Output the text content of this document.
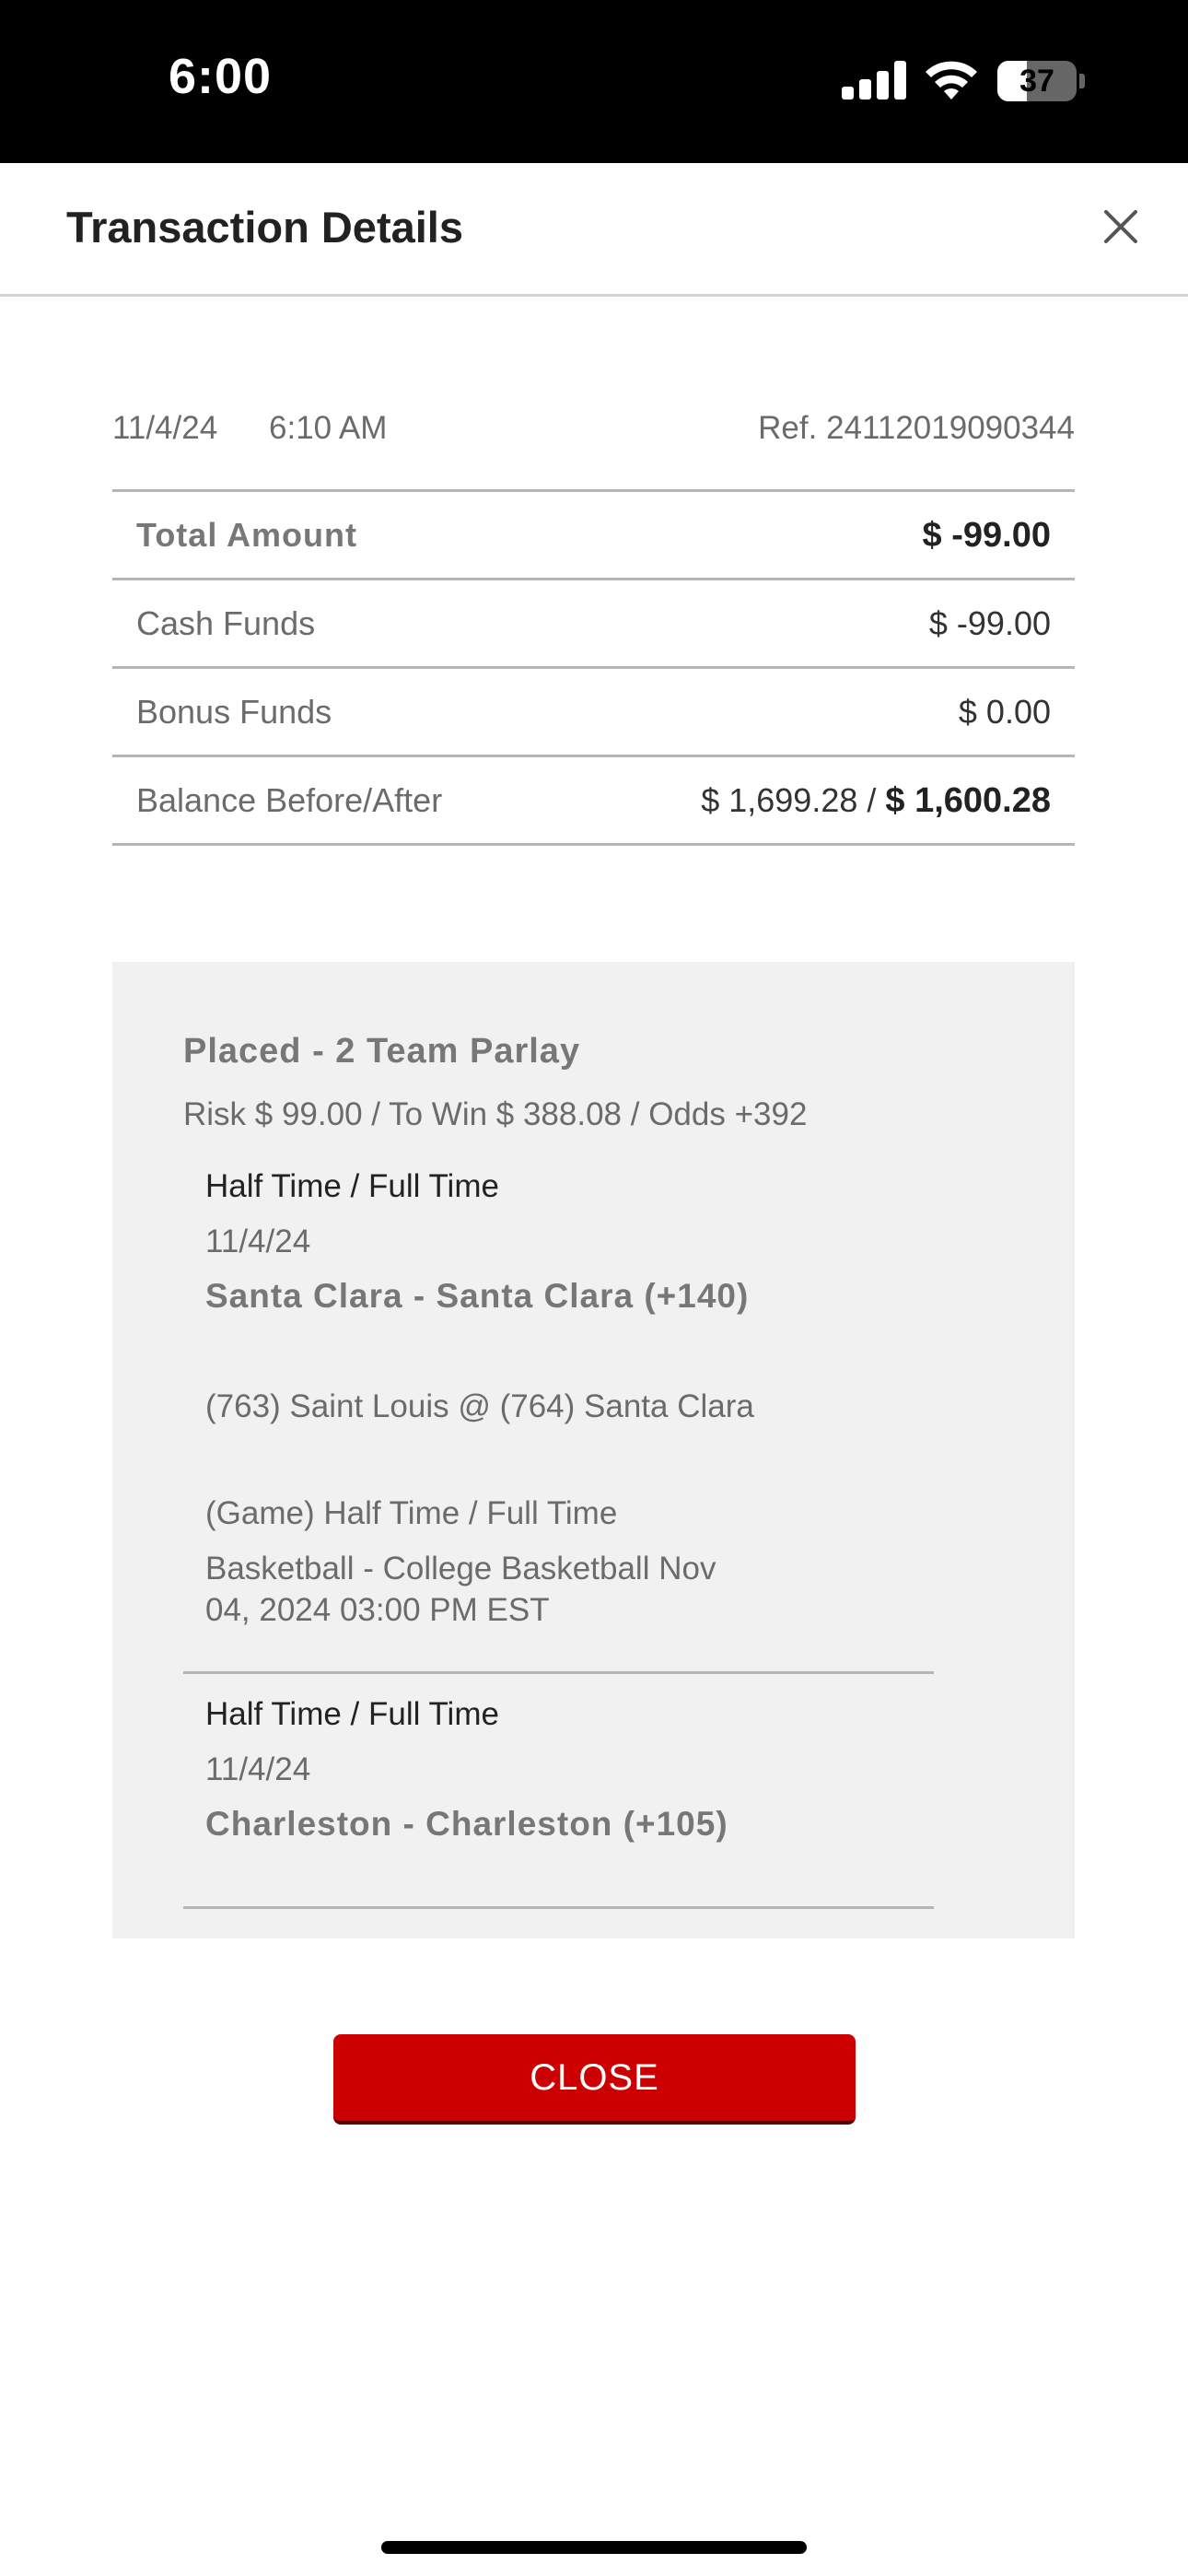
6:00	37
Transaction Details
11/4/24 6:10 AM	Ref. 24112019090344
Total Amount	$ -99.00
Cash Funds	$ -99.00
Bonus Funds	$ 0.00
Balance Before/After	$ 1,699.28 / $ 1,600.28
Placed - 2 Team Parlay
Risk $ 99.00 / To Win $ 388.08 / Odds +392
Half Time / Full Time
11/4/24
Santa Clara - Santa Clara (+140)
(763) Saint Louis @ (764) Santa Clara
(Game) Half Time / Full Time
Basketball - College Basketball Nov 04, 2024 03:00 PM EST
Half Time / Full Time
11/4/24
Charleston - Charleston (+105)
CLOSE
